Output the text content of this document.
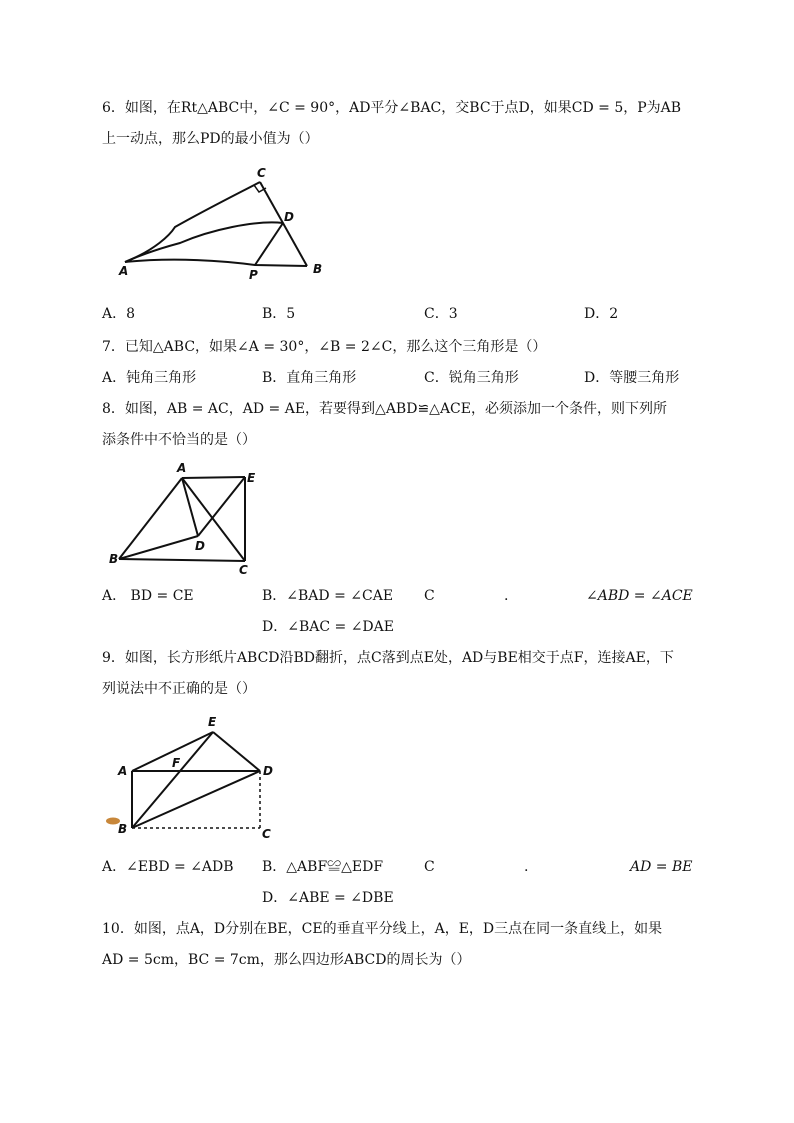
6．如图，在Rt△ABC中，∠C = 90°，AD平分∠BAC，交BC于点D，如果CD = 5，P为AB
上一动点，那么PD的最小值为（）
A	B
C
D
P
A．8	B．5	C．3	D．2
7．已知△ABC，如果∠A = 30°，∠B = 2∠C，那么这个三角形是（）
A．钝角三角形	B．直角三角形	C．锐角三角形	D．等腰三角形
8．如图，AB = AC，AD = AE，若要得到△ABD≌△ACE，必须添加一个条件，则下列所
添条件中不恰当的是（）
A
B
C
D
E
A． BD = CE	B．∠BAD = ∠CAE C	.	∠ABD = ∠ACE
D．∠BAC = ∠DAE
9．如图，长方形纸片ABCD沿BD翻折，点C落到点E处，AD与BE相交于点F，连接AE，下
列说法中不正确的是（）
E
A
F
D
B	C
A．∠EBD = ∠ADB B．△ABF≌△EDF	C	.	AD = BE
D．∠ABE = ∠DBE
10．如图，点A，D分别在BE，CE的垂直平分线上，A，E，D三点在同一条直线上，如果
AD = 5cm，BC = 7cm，那么四边形ABCD的周长为（）
